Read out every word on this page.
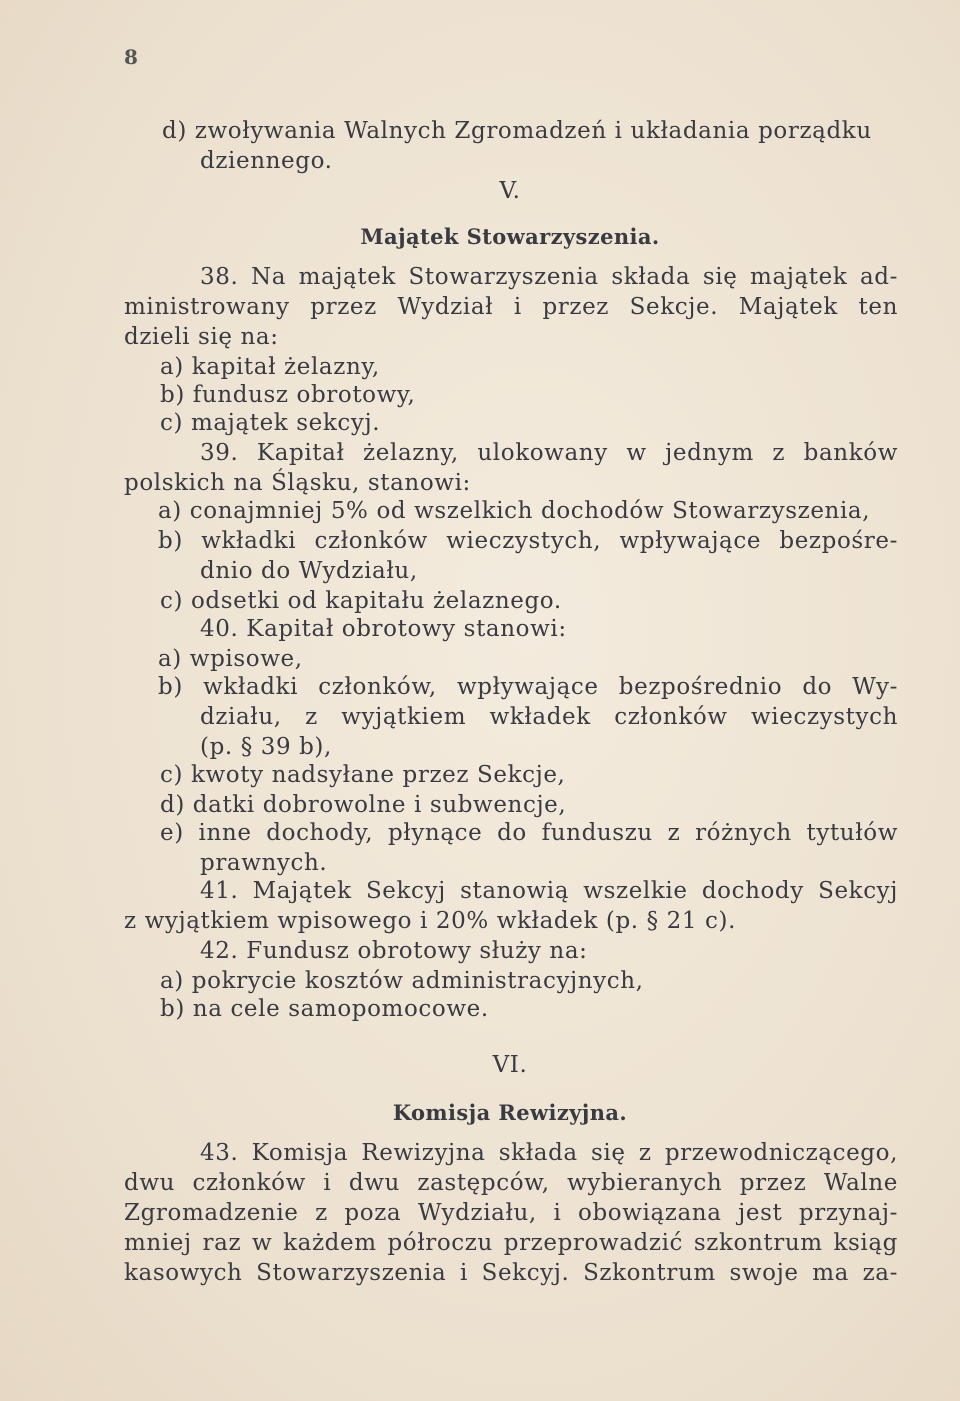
8
d) zwoływania Walnych Zgromadzeń i układania porządku
dziennego.
V.
Majątek Stowarzyszenia.
38. Na majątek Stowarzyszenia składa się majątek ad-
ministrowany przez Wydział i przez Sekcje. Majątek ten
dzieli się na:
a) kapitał żelazny,
b) fundusz obrotowy,
c) majątek sekcyj.
39. Kapitał żelazny, ulokowany w jednym z banków
polskich na Śląsku, stanowi:
a) conajmniej 5% od wszelkich dochodów Stowarzyszenia,
b) wkładki członków wieczystych, wpływające bezpośre-
dnio do Wydziału,
c) odsetki od kapitału żelaznego.
40. Kapitał obrotowy stanowi:
a) wpisowe,
b) wkładki członków, wpływające bezpośrednio do Wy-
działu, z wyjątkiem wkładek członków wieczystych
(p. § 39 b),
c) kwoty nadsyłane przez Sekcje,
d) datki dobrowolne i subwencje,
e) inne dochody, płynące do funduszu z różnych tytułów
prawnych.
41. Majątek Sekcyj stanowią wszelkie dochody Sekcyj
z wyjątkiem wpisowego i 20% wkładek (p. § 21 c).
42. Fundusz obrotowy służy na:
a) pokrycie kosztów administracyjnych,
b) na cele samopomocowe.
VI.
Komisja Rewizyjna.
43. Komisja Rewizyjna składa się z przewodniczącego,
dwu członków i dwu zastępców, wybieranych przez Walne
Zgromadzenie z poza Wydziału, i obowiązana jest przynaj-
mniej raz w każdem półroczu przeprowadzić szkontrum ksiąg
kasowych Stowarzyszenia i Sekcyj. Szkontrum swoje ma za-
